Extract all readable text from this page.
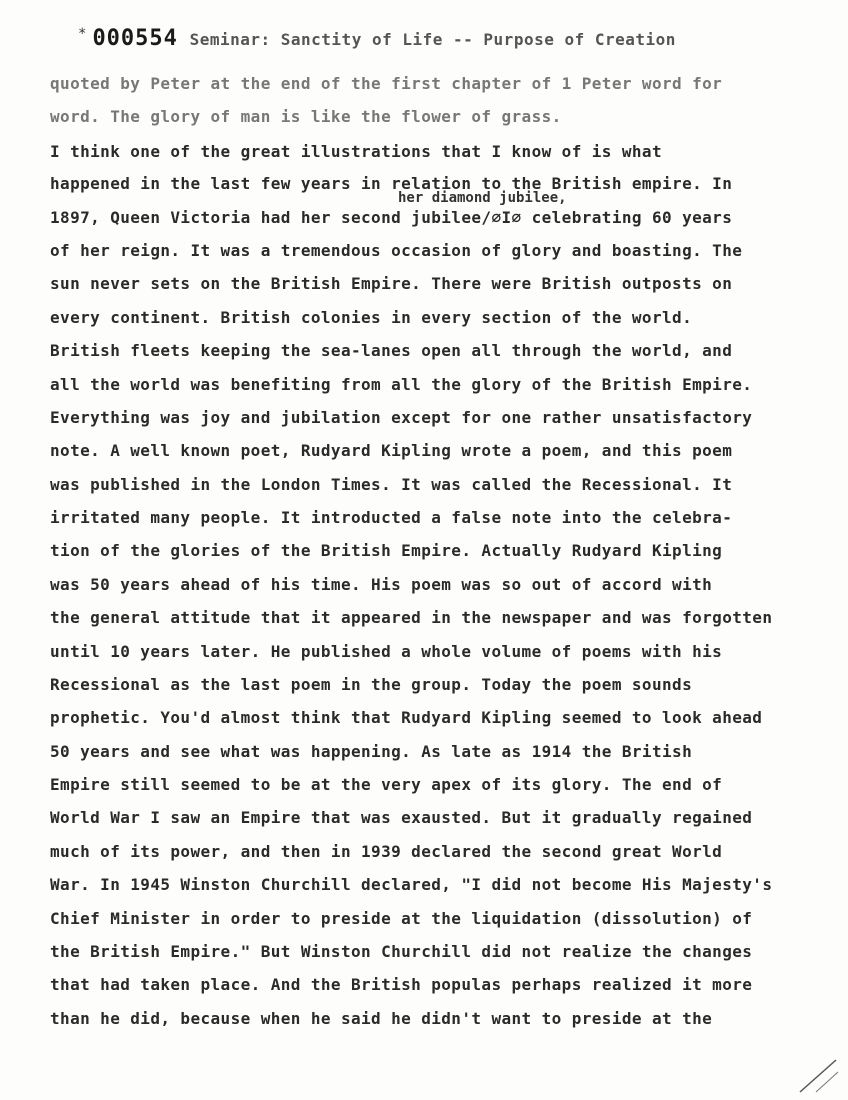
* 000554 Seminar: Sanctity of Life -- Purpose of Creation
her diamond jubilee,
quoted by Peter at the end of the first chapter of 1 Peter word for
word. The glory of man is like the flower of grass.
I think one of the great illustrations that I know of is what
happened in the last few years in relation to the British empire. In
1897, Queen Victoria had her second jubilee/⌀I⌀ celebrating 60 years
of her reign. It was a tremendous occasion of glory and boasting. The
sun never sets on the British Empire. There were British outposts on
every continent. British colonies in every section of the world.
British fleets keeping the sea-lanes open all through the world, and
all the world was benefiting from all the glory of the British Empire.
Everything was joy and jubilation except for one rather unsatisfactory
note. A well known poet, Rudyard Kipling wrote a poem, and this poem
was published in the London Times. It was called the Recessional. It
irritated many people. It introducted a false note into the celebra-
tion of the glories of the British Empire. Actually Rudyard Kipling
was 50 years ahead of his time. His poem was so out of accord with
the general attitude that it appeared in the newspaper and was forgotten
until 10 years later. He published a whole volume of poems with his
Recessional as the last poem in the group. Today the poem sounds
prophetic. You'd almost think that Rudyard Kipling seemed to look ahead
50 years and see what was happening. As late as 1914 the British
Empire still seemed to be at the very apex of its glory. The end of
World War I saw an Empire that was exausted. But it gradually regained
much of its power, and then in 1939 declared the second great World
War. In 1945 Winston Churchill declared, "I did not become His Majesty's
Chief Minister in order to preside at the liquidation (dissolution) of
the British Empire." But Winston Churchill did not realize the changes
that had taken place. And the British populas perhaps realized it more
than he did, because when he said he didn't want to preside at the
